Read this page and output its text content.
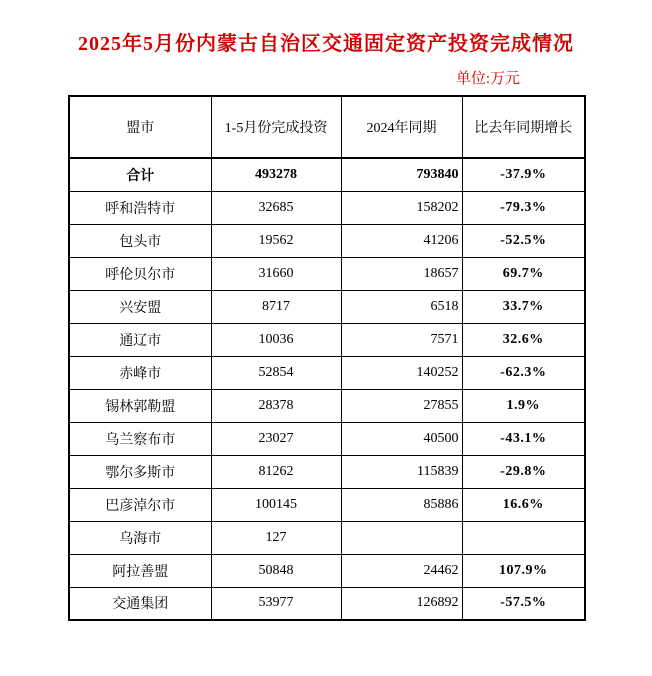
2025年5月份内蒙古自治区交通固定资产投资完成情况
单位:万元
盟市	1-5月份完成投资	2024年同期	比去年同期增长
合计	493278	793840	-37.9%
呼和浩特市	32685	158202	-79.3%
包头市	19562	41206	-52.5%
呼伦贝尔市	31660	18657	69.7%
兴安盟	8717	6518	33.7%
通辽市	10036	7571	32.6%
赤峰市	52854	140252	-62.3%
锡林郭勒盟	28378	27855	1.9%
乌兰察布市	23027	40500	-43.1%
鄂尔多斯市	81262	115839	-29.8%
巴彦淖尔市	100145	85886	16.6%
乌海市	127		
阿拉善盟	50848	24462	107.9%
交通集团	53977	126892	-57.5%
